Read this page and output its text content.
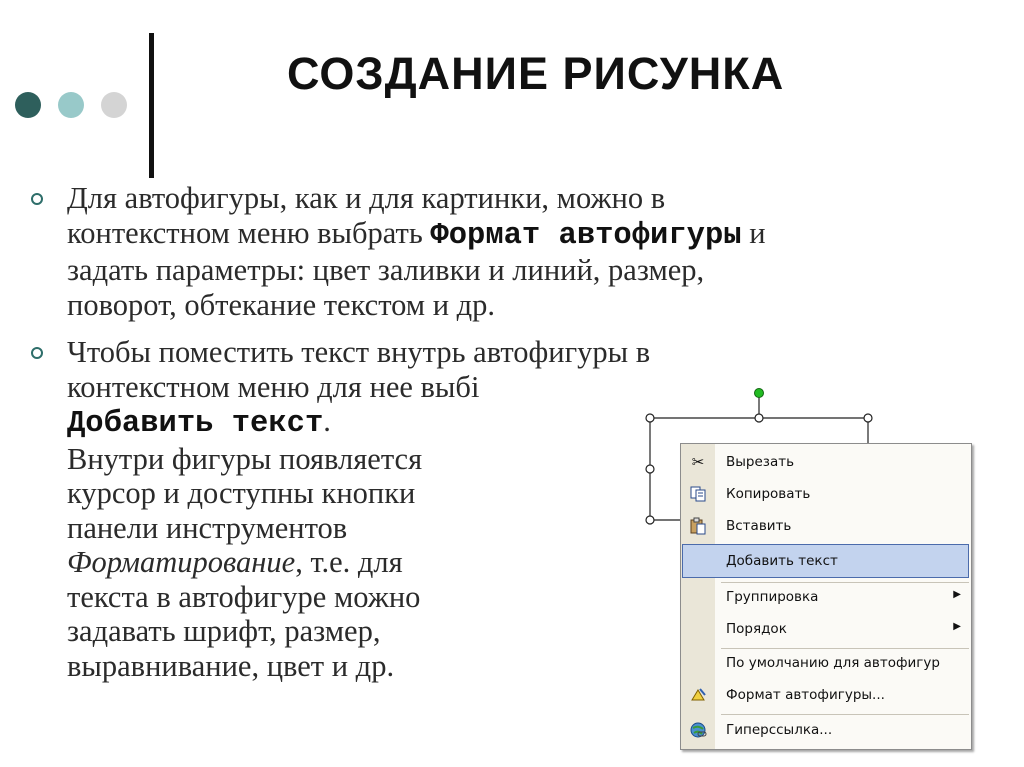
СОЗДАНИЕ РИСУНКА

Для автофигуры, как и для картинки, можно в
контекстном меню выбрать Формат автофигуры и
задать параметры: цвет заливки и линий, размер,
поворот, обтекание текстом и др.

Чтобы поместить текст внутрь автофигуры в
контекстном меню для нее выбі
Добавить текст.
Внутри фигуры появляется
курсор и доступны кнопки
панели инструментов
Форматирование, т.е. для
текста в автофигуре можно
задавать шрифт, размер,
выравнивание, цвет и др.

✂ Вырезать
Копировать
Вставить
Добавить текст
Группировка	▶
Порядок	▶
По умолчанию для автофигур
Формат автофигуры...
Гиперссылка...
